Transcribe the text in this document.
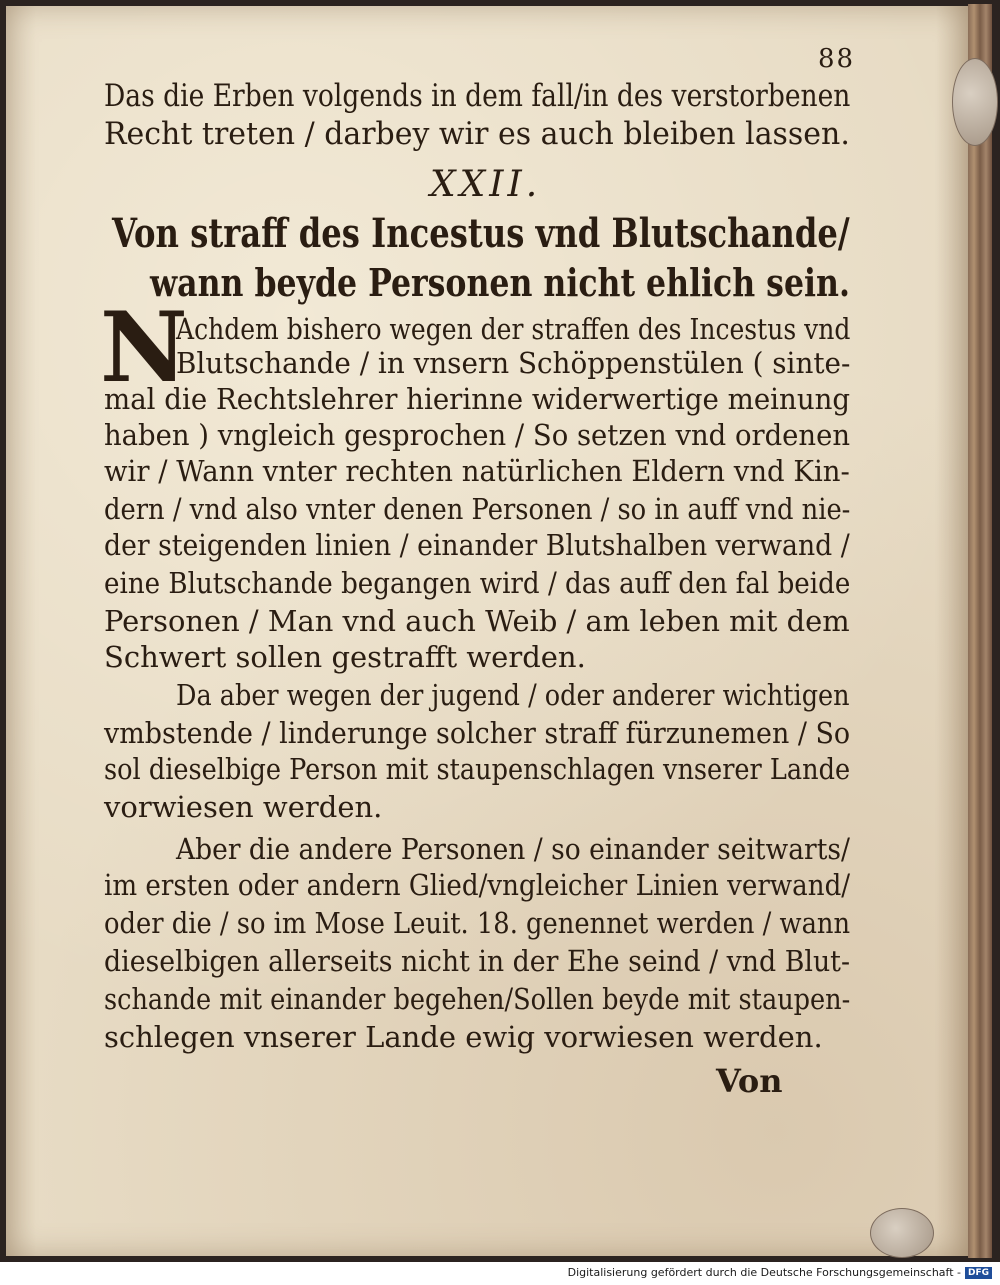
88
Das die Erben volgends in dem fall/in des verstorbenen
Recht treten / darbey wir es auch bleiben lassen.
XXII.
Von straff des Incestus vnd Blutschande/
wann beyde Personen nicht ehlich sein.
N
Achdem bishero wegen der straffen des Incestus vnd
Blutschande / in vnsern Schöppenstülen ( sinte-
mal die Rechtslehrer hierinne widerwertige meinung
haben ) vngleich gesprochen / So setzen vnd ordenen
wir / Wann vnter rechten natürlichen Eldern vnd Kin-
dern / vnd also vnter denen Personen / so in auff vnd nie-
der steigenden linien / einander Blutshalben verwand /
eine Blutschande begangen wird / das auff den fal beide
Personen / Man vnd auch Weib / am leben mit dem
Schwert sollen gestrafft werden.
Da aber wegen der jugend / oder anderer wichtigen
vmbstende / linderunge solcher straff fürzunemen / So
sol dieselbige Person mit staupenschlagen vnserer Lande
vorwiesen werden.
Aber die andere Personen / so einander seitwarts/
im ersten oder andern Glied/vngleicher Linien verwand/
oder die / so im Mose Leuit. 18. genennet werden / wann
dieselbigen allerseits nicht in der Ehe seind / vnd Blut-
schande mit einander begehen/Sollen beyde mit staupen-
schlegen vnserer Lande ewig vorwiesen werden.
Von
Digitalisierung gefördert durch die Deutsche Forschungsgemeinschaft - DFG
